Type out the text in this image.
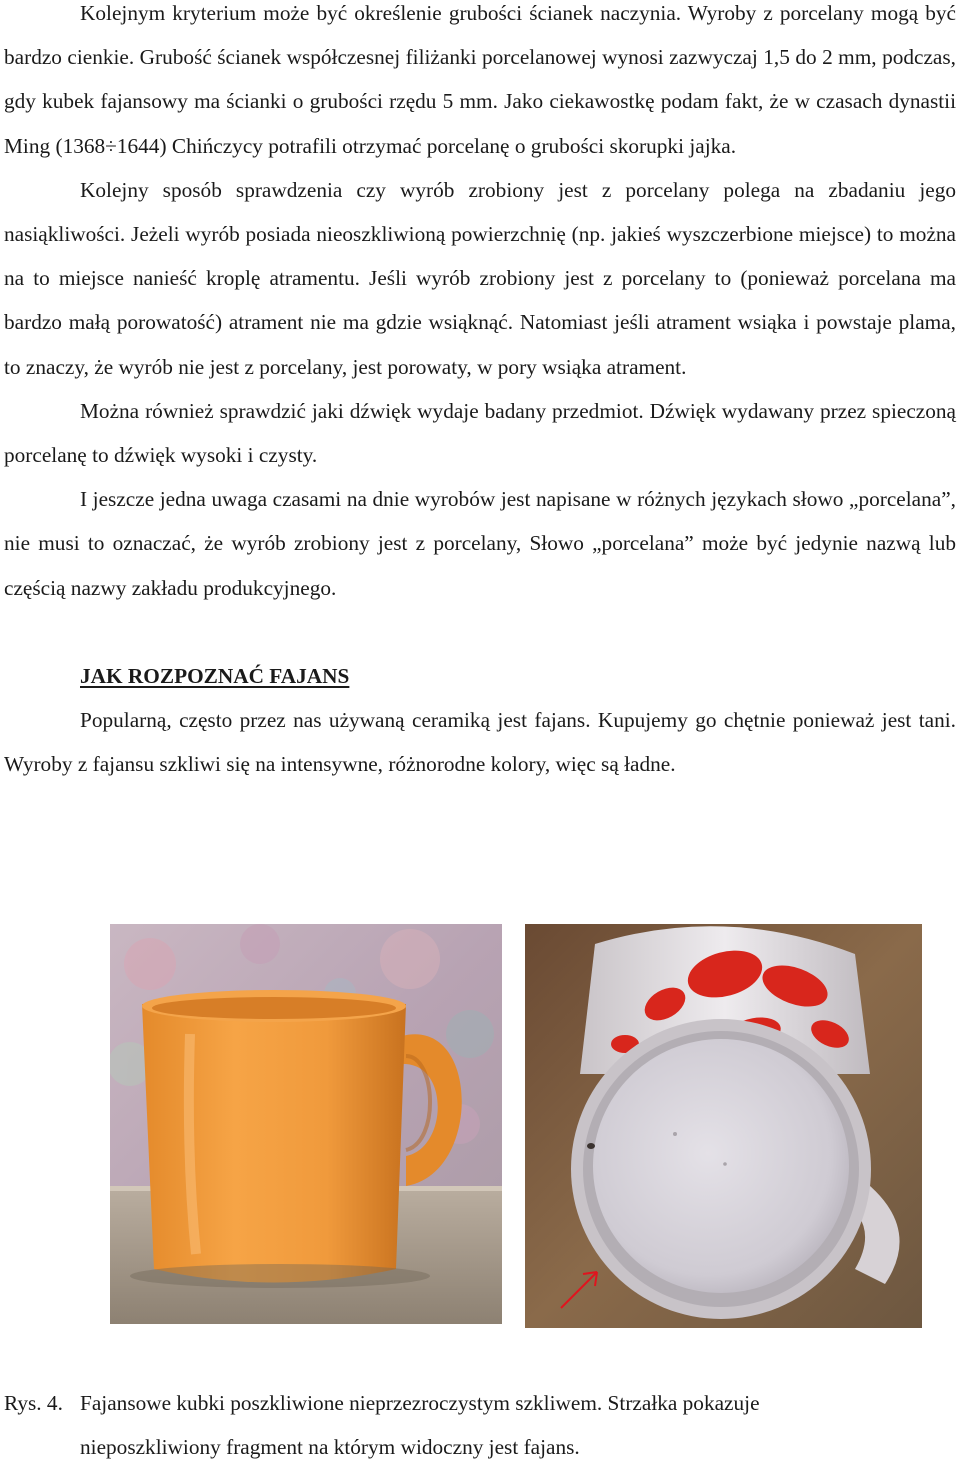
Kolejnym kryterium może być określenie grubości ścianek naczynia. Wyroby z porcelany mogą być bardzo cienkie. Grubość ścianek współczesnej filiżanki porcelanowej wynosi zazwyczaj 1,5 do 2 mm, podczas, gdy kubek fajansowy ma ścianki o grubości rzędu 5 mm. Jako ciekawostkę podam fakt, że w czasach dynastii Ming (1368÷1644) Chińczycy potrafili otrzymać porcelanę o grubości skorupki jajka.

Kolejny sposób sprawdzenia czy wyrób zrobiony jest z porcelany polega na zbadaniu jego nasiąkliwości. Jeżeli wyrób posiada nieoszkliwioną powierzchnię (np. jakieś wyszczerbione miejsce) to można na to miejsce nanieść kroplę atramentu. Jeśli wyrób zrobiony jest z porcelany to (ponieważ porcelana ma bardzo małą porowatość) atrament nie ma gdzie wsiąknąć. Natomiast jeśli atrament wsiąka i powstaje plama, to znaczy, że wyrób nie jest z porcelany, jest porowaty, w pory wsiąka atrament.

Można również sprawdzić jaki dźwięk wydaje badany przedmiot. Dźwięk wydawany przez spieczoną porcelanę to dźwięk wysoki i czysty.

I jeszcze jedna uwaga czasami na dnie wyrobów jest napisane w różnych językach słowo „porcelana”, nie musi to oznaczać, że wyrób zrobiony jest z porcelany, Słowo „porcelana” może być jedynie nazwą lub częścią nazwy zakładu produkcyjnego.

JAK ROZPOZNAĆ FAJANS

Popularną, często przez nas używaną ceramiką jest fajans. Kupujemy go chętnie ponieważ jest tani. Wyroby z fajansu szkliwi się na intensywne, różnorodne kolory, więc są ładne.

Rys. 4. Fajansowe kubki poszkliwione nieprzezroczystym szkliwem. Strzałka pokazuje
nieposzkliwiony fragment na którym widoczny jest fajans.
